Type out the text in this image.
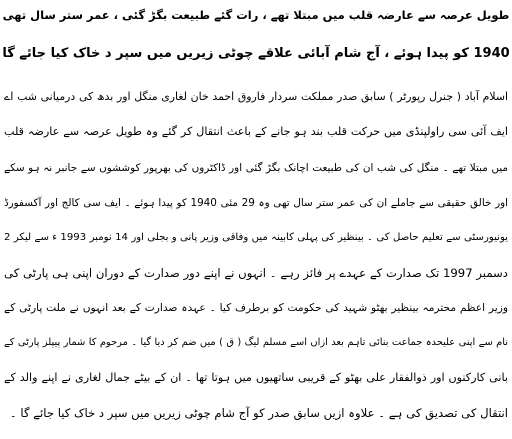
طویل عرصہ سے عارضہ قلب میں مبتلا تھے ، رات گئے طبیعت بگڑ گئی ، عمر ستر سال تھی
1940 کو پیدا ہوئے ، آج شام آبائی علاقے چوٹی زیریں میں سپر د خاک کیا جائے گا
اسلام آباد ( جنرل رپورٹر ) سابق صدر مملکت سردار فاروق احمد خان لغاری منگل اور بدھ کی درمیانی شب اے
ایف آئی سی راولپنڈی میں حرکت قلب بند ہو جانے کے باعث انتقال کر گئے وہ طویل عرصہ سے عارضہ قلب
میں مبتلا تھے ۔ منگل کی شب ان کی طبیعت اچانک بگڑ گئی اور ڈاکٹروں کی بھرپور کوششوں سے جانبر نہ ہو سکے
اور خالق حقیقی سے جاملے ان کی عمر ستر سال تھی وہ 29 مئی 1940 کو پیدا ہوئے ۔ ایف سی کالج اور آکسفورڈ
یونیورسٹی سے تعلیم حاصل کی ۔ بینظیر کی پہلی کابینہ میں وفاقی وزیر پانی و بجلی اور 14 نومبر 1993 ء سے لیکر 2
دسمبر 1997 تک صدارت کے عہدے پر فائز رہے ۔ انہوں نے اپنے دور صدارت کے دوران اپنی ہی پارٹی کی
وزیر اعظم محترمہ بینظیر بھٹو شہید کی حکومت کو برطرف کیا ۔ عہدہ صدارت کے بعد انہوں نے ملت پارٹی کے
نام سے اپنی علیحدہ جماعت بنائی تاہم بعد ازاں اسے مسلم لیگ ( ق ) میں ضم کر دیا گیا ۔ مرحوم کا شمار پیپلز پارٹی کے
بانی کارکنوں اور ذوالفقار علی بھٹو کے قریبی ساتھیوں میں ہوتا تھا ۔ ان کے بیٹے جمال لغاری نے اپنے والد کے
انتقال کی تصدیق کی ہے ۔ علاوہ ازیں سابق صدر کو آج شام چوٹی زیریں میں سپر د خاک کیا جائے گا ۔
